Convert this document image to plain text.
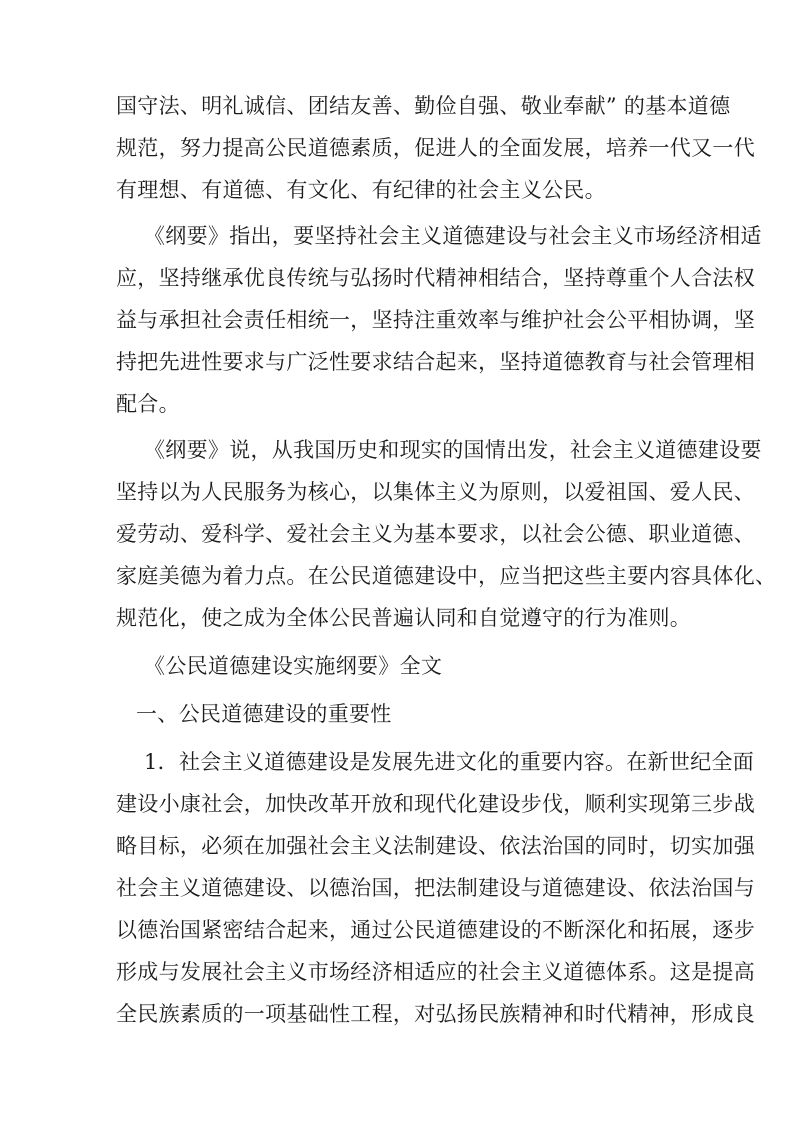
国守法、明礼诚信、团结友善、勤俭自强、敬业奉献” 的基本道德

规范，努力提高公民道德素质，促进人的全面发展，培养一代又一代

有理想、有道德、有文化、有纪律的社会主义公民。

《纲要》指出，要坚持社会主义道德建设与社会主义市场经济相适

应，坚持继承优良传统与弘扬时代精神相结合，坚持尊重个人合法权

益与承担社会责任相统一，坚持注重效率与维护社会公平相协调，坚

持把先进性要求与广泛性要求结合起来，坚持道德教育与社会管理相

配合。

《纲要》说，从我国历史和现实的国情出发，社会主义道德建设要

坚持以为人民服务为核心，以集体主义为原则，以爱祖国、爱人民、

爱劳动、爱科学、爱社会主义为基本要求，以社会公德、职业道德、

家庭美德为着力点。在公民道德建设中，应当把这些主要内容具体化、

规范化，使之成为全体公民普遍认同和自觉遵守的行为准则。

《公民道德建设实施纲要》全文

一、公民道德建设的重要性

1．社会主义道德建设是发展先进文化的重要内容。在新世纪全面

建设小康社会，加快改革开放和现代化建设步伐，顺利实现第三步战

略目标，必须在加强社会主义法制建设、依法治国的同时，切实加强

社会主义道德建设、以德治国，把法制建设与道德建设、依法治国与

以德治国紧密结合起来，通过公民道德建设的不断深化和拓展，逐步

形成与发展社会主义市场经济相适应的社会主义道德体系。这是提高

全民族素质的一项基础性工程，对弘扬民族精神和时代精神，形成良
